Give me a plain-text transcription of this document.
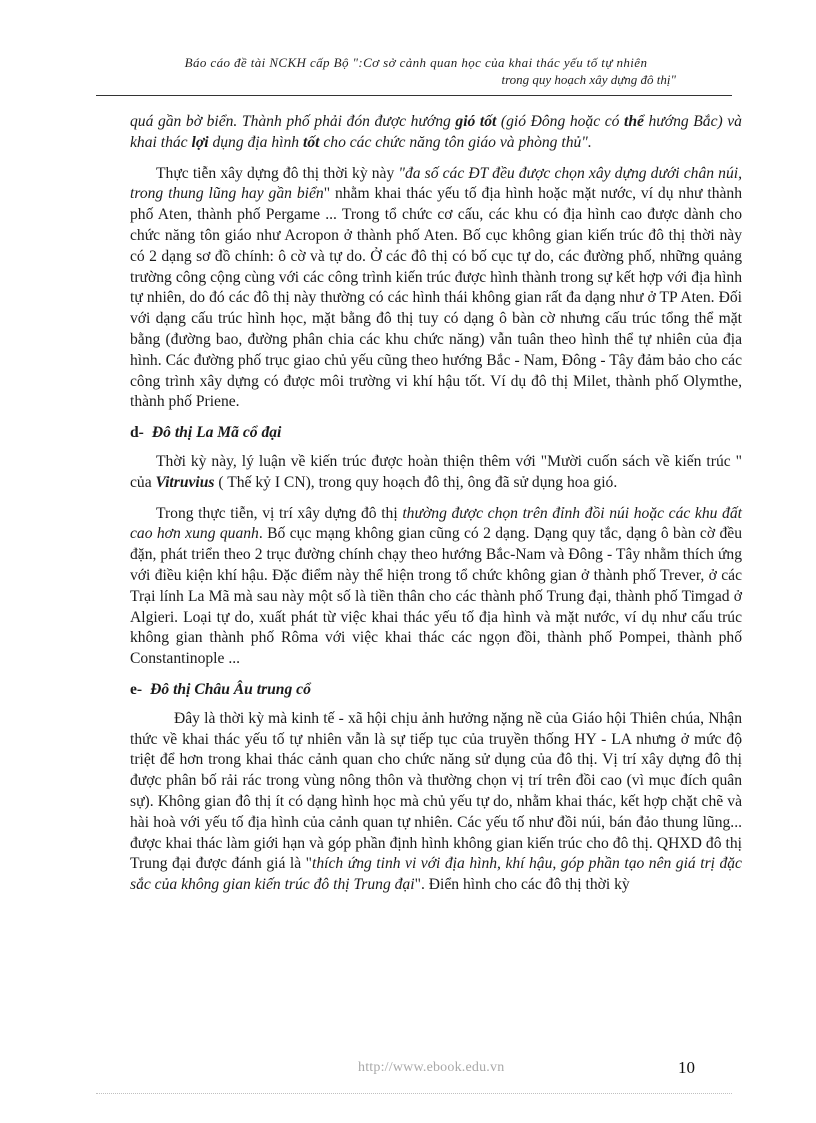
Báo cáo đề tài NCKH cấp Bộ ":Cơ sở cảnh quan học của khai thác yếu tố tự nhiên
trong quy hoạch xây dựng đô thị"

quá gần bờ biển. Thành phố phải đón được hướng gió tốt (gió Đông hoặc có thể hướng Bắc) và khai thác lợi dụng địa hình tốt cho các chức năng tôn giáo và phòng thủ".

Thực tiễn xây dựng đô thị thời kỳ này "đa số các ĐT đều được chọn xây dựng dưới chân núi, trong thung lũng hay gần biển" nhằm khai thác yếu tố địa hình hoặc mặt nước, ví dụ như thành phố Aten, thành phố Pergame ... Trong tổ chức cơ cấu, các khu có địa hình cao được dành cho chức năng tôn giáo như Acropon ở thành phố Aten. Bố cục không gian kiến trúc đô thị thời này có 2 dạng sơ đồ chính: ô cờ và tự do. Ở các đô thị có bố cục tự do, các đường phố, những quảng trường công cộng cùng với các công trình kiến trúc được hình thành trong sự kết hợp với địa hình tự nhiên, do đó các đô thị này thường có các hình thái không gian rất đa dạng như ở TP Aten. Đối với dạng cấu trúc hình học, mặt bằng đô thị tuy có dạng ô bàn cờ nhưng cấu trúc tổng thể mặt bằng (đường bao, đường phân chia các khu chức năng) vẫn tuân theo hình thể tự nhiên của địa hình. Các đường phố trục giao chủ yếu cũng theo hướng Bắc - Nam, Đông - Tây đảm bảo cho các công trình xây dựng có được môi trường vi khí hậu tốt. Ví dụ đô thị Milet, thành phố Olymthe, thành phố Priene.

d- Đô thị La Mã cổ đại

Thời kỳ này, lý luận về kiến trúc được hoàn thiện thêm với "Mười cuốn sách về kiến trúc " của Vitruvius ( Thế kỷ I CN), trong quy hoạch đô thị, ông đã sử dụng hoa gió.

Trong thực tiễn, vị trí xây dựng đô thị thường được chọn trên đỉnh đồi núi hoặc các khu đất cao hơn xung quanh. Bố cục mạng không gian cũng có 2 dạng. Dạng quy tắc, dạng ô bàn cờ đều đặn, phát triển theo 2 trục đường chính chạy theo hướng Bắc-Nam và Đông - Tây nhằm thích ứng với điều kiện khí hậu. Đặc điểm này thể hiện trong tổ chức không gian ở thành phố Trever, ở các Trại lính La Mã mà sau này một số là tiền thân cho các thành phố Trung đại, thành phố Timgad ở Algieri. Loại tự do, xuất phát từ việc khai thác yếu tố địa hình và mặt nước, ví dụ như cấu trúc không gian thành phố Rôma với việc khai thác các ngọn đồi, thành phố Pompei, thành phố Constantinople ...

e- Đô thị Châu Âu trung cổ

Đây là thời kỳ mà kinh tế - xã hội chịu ảnh hưởng nặng nề của Giáo hội Thiên chúa, Nhận thức về khai thác yếu tố tự nhiên vẫn là sự tiếp tục của truyền thống HY - LA nhưng ở mức độ triệt để hơn trong khai thác cảnh quan cho chức năng sử dụng của đô thị. Vị trí xây dựng đô thị được phân bố rải rác trong vùng nông thôn và thường chọn vị trí trên đồi cao (vì mục đích quân sự). Không gian đô thị ít có dạng hình học mà chủ yếu tự do, nhằm khai thác, kết hợp chặt chẽ và hài hoà với yếu tố địa hình của cảnh quan tự nhiên. Các yếu tố như đồi núi, bán đảo thung lũng... được khai thác làm giới hạn và góp phần định hình không gian kiến trúc cho đô thị. QHXD đô thị Trung đại được đánh giá là "thích ứng tinh vi với địa hình, khí hậu, góp phần tạo nên giá trị đặc sắc của không gian kiến trúc đô thị Trung đại". Điển hình cho các đô thị thời kỳ

http://www.ebook.edu.vn	10
